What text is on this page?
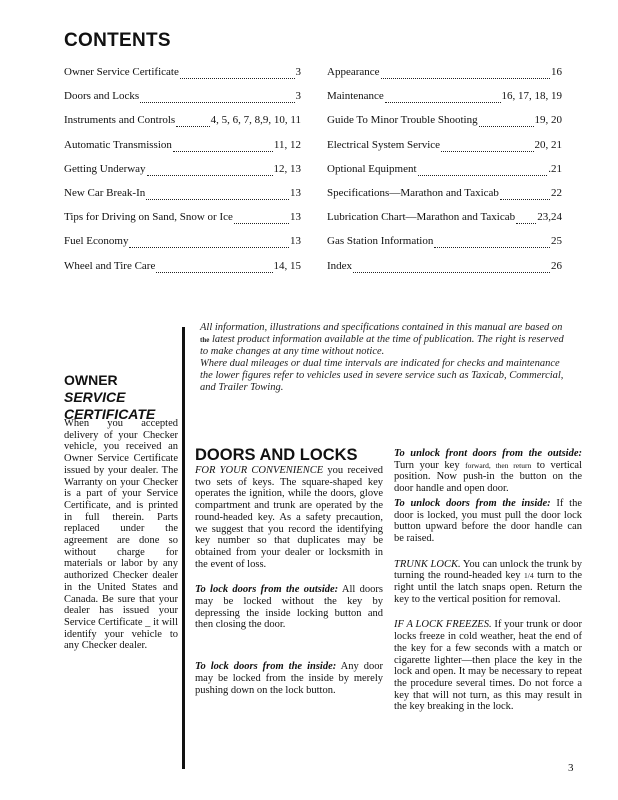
CONTENTS
Owner Service Certificate	3
Doors and Locks	3
Instruments and Controls	4, 5, 6, 7, 8,9, 10, 11
Automatic Transmission	11, 12
Getting Underway	12, 13
New Car Break-In	13
Tips for Driving on Sand, Snow or Ice	13
Fuel Economy	13
Wheel and Tire Care	14, 15
Appearance	16
Maintenance	16, 17, 18, 19
Guide To Minor Trouble Shooting	19, 20
Electrical System Service	20, 21
Optional Equipment	.21
Specifications—Marathon and Taxicab	22
Lubrication Chart—Marathon and Taxicab 23,24
Gas Station Information	25
Index	26

All information, illustrations and specifications contained in this manual are based on the latest product information available at the time of publication. The right is reserved to make changes at any time without notice.

Where dual mileages or dual time intervals are indicated for checks and maintenance the lower figures refer to vehicles used in severe service such as Taxicab, Commercial, and Trailer Towing.

OWNER
SERVICE
CERTIFICATE
When you accepted delivery of your Checker vehicle, you received an Owner Service Certificate issued by your dealer. The Warranty on your Checker is a part of your Service Certificate, and is printed in full therein. Parts replaced under the agreement are done so without charge for materials or labor by any authorized Checker dealer in the United States and Canada. Be sure that your dealer has issued your Service Certificate _ it will identify your vehicle to any Checker dealer.
DOORS AND LOCKS

FOR YOUR CONVENIENCE you received two sets of keys. The square-shaped key operates the ignition, while the doors, glove compartment and trunk are operated by the round-headed key. As a safety precaution, we suggest that you record the identifying key number so that duplicates may be obtained from your dealer or locksmith in the event of loss.

To lock doors from the outside: All doors may be locked without the key by depressing the inside locking button and then closing the door.

To lock doors from the inside: Any door may be locked from the inside by merely pushing down on the lock button.

To unlock front doors from the outside: Turn your key forward, then return to vertical position. Now push-in the button on the door handle and open door.

To unlock doors from the inside: If the door is locked, you must pull the door lock button upward before the door handle can be raised.

TRUNK LOCK. You can unlock the trunk by turning the round-headed key 1/4 turn to the right until the latch snaps open. Return the key to the vertical position for removal.

IF A LOCK FREEZES. If your trunk or door locks freeze in cold weather, heat the end of the key for a few seconds with a match or cigarette lighter—then place the key in the lock and open. It may be necessary to repeat the procedure several times. Do not force a key that will not turn, as this may result in the key breaking in the lock.

3
